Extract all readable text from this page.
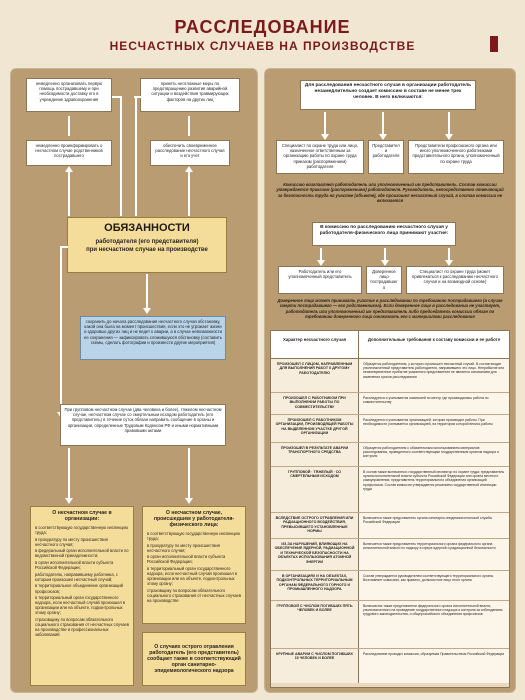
РАССЛЕДОВАНИЕ
НЕСЧАСТНЫХ СЛУЧАЕВ НА ПРОИЗВОДСТВЕ
немедленно организовать первую помощь пострадавшему и при необходимости доставку его в учреждение здравоохранения
принять неотложные меры по предотвращению развития аварийной ситуации и воздействия травмирующих факторов на других лиц
немедленно проинформировать о несчастном случае родственников пострадавшего
обеспечить своевременное расследование несчастного случая и его учет
ОБЯЗАННОСТИ
работодателя (его представителя)
при несчастном случае на производстве
сохранить до начала расследования несчастного случая обстановку, какой она была на момент происшествия, если это не угрожает жизни и здоровью других лиц и не ведет к аварии, а в случае невозможности ее сохранения — зафиксировать сложившуюся обстановку (составить схемы, сделать фотографии и произвести другие мероприятия)
При групповом несчастном случае (два человека и более), тяжелом несчастном случае, несчастном случае со смертельным исходом работодатель (его представитель) в течение суток обязан направить сообщение в органы и организации, определенные Трудовым Кодексом РФ и иными нормативными правовыми актами
О несчастном случае в организации:
в соответствующую государственную инспекцию труда;
в прокуратуру по месту происшествия несчастного случая;
в федеральный орган исполнительной власти по ведомственной принадлежности;
в орган исполнительной власти субъекта Российской Федерации;
работодателю, направившему работника, с которым произошел несчастный случай;
в территориальное объединение организаций профсоюзов;
в территориальный орган государственного надзора, если несчастный случай произошел в организации или на объекте, подконтрольных этому органу;
страховщику по вопросам обязательного социального страхования от несчастных случаев на производстве и профессиональных заболеваний
О несчастном случае, происшедшем у работодателя-физического лица:
в соответствующую государственную инспекцию труда;
в прокуратуру по месту происшествия несчастного случая;
в орган исполнительной власти субъекта Российской Федерации;
в территориальный орган государственного надзора, если несчастный случай произошел в организации или на объекте, подконтрольных этому органу;
страховщику по вопросам обязательного социального страхования от несчастных случаев на производстве
О случаях острого отравления работодатель (его представитель) сообщает также в соответствующий орган санитарно-эпидемиологического надзора
Для расследования несчастного случая в организации работодатель незамедлительно создает комиссию в составе не менее трех человек. В него включаются:
Специалист по охране труда или лицо, назначенное ответственным за организацию работы по охране труда приказом (распоряжением) работодателя
Представители работодателя
Представители профсоюзного органа или иного уполномоченного работниками представительного органа, уполномоченный по охране труда
Комиссию возглавляет работодатель или уполномоченный им представитель. Состав комиссии утверждается приказом (распоряжением) работодателя. Руководитель, непосредственно отвечающий за безопасность труда на участке (объекте), где произошел несчастный случай, в состав комиссии не включается
В комиссию по расследованию несчастного случая у работодателя-физического лица принимают участие:
Работодатель или его уполномоченный представитель
Доверенное лицо пострадавшего
Специалист по охране труда (может привлекаться к расследованию несчастного случая и на возмездной основе)
Доверенное лицо может принимать участие в расследовании по требованию пострадавшего (в случае смерти пострадавшего — его родственников). Если доверенное лицо в расследовании не участвует, работодатель или уполномоченный им представитель либо председатель комиссии обязан по требованию доверенного лица ознакомить его с материалами расследования
Характер несчастного случая	Дополнительные требования к составу комиссии и ее работе
ПРОИЗОШЕЛ С ЛИЦОМ, НАПРАВЛЕННЫМ ДЛЯ ВЫПОЛНЕНИЯ РАБОТ К ДРУГОМУ РАБОТОДАТЕЛЮ
Образуется работодателем, у которого произошел несчастный случай. В состав входит уполномоченный представитель работодателя, направившего это лицо. Неприбытие или несвоевременное прибытие указанного представителя не является основанием для изменения сроков расследования
ПРОИЗОШЕЛ С РАБОТНИКОМ ПРИ ВЫПОЛНЕНИИ РАБОТЫ ПО СОВМЕСТИТЕЛЬСТВУ
Расследуется и учитывается комиссией по месту, где производилась работа по совместительству
ПРОИЗОШЕЛ С РАБОТНИКОМ ОРГАНИЗАЦИИ, ПРОИЗВОДЯЩЕЙ РАБОТЫ НА ВЫДЕЛЕННОМ УЧАСТКЕ ДРУГОЙ ОРГАНИЗАЦИИ
Расследуется и учитывается организацией, которая производит работы. При необходимости учитывается организацией, на территории которой велись работы
ПРОИЗОШЕЛ В РЕЗУЛЬТАТЕ АВАРИИ ТРАНСПОРТНОГО СРЕДСТВА
Образуется работодателем с обязательным использованием материалов расследования, проведенного соответствующим государственным органом надзора и контроля
ГРУППОВОЙ · ТЯЖЕЛЫЙ · СО СМЕРТЕЛЬНЫМ ИСХОДОМ
В состав также включаются: государственный инспектор по охране труда; представитель органа исполнительной власти субъекта Российской Федерации или органа местного самоуправления; представитель территориального объединения организаций профсоюзов. Состав комиссии утверждается решением государственной инспекции труда
ВСЛЕДСТВИЕ ОСТРОГО ОТРАВЛЕНИЯ ИЛИ РАДИАЦИОННОГО ВОЗДЕЙСТВИЯ, ПРЕВЫСИВШЕГО УСТАНОВЛЕННЫЕ НОРМЫ
Включается также представитель органа санитарно-эпидемиологической службы Российской Федерации
ИЗ-ЗА НАРУШЕНИЙ, ВЛИЯЮЩИХ НА ОБЕСПЕЧЕНИЕ ЯДЕРНОЙ, РАДИАЦИОННОЙ И ТЕХНИЧЕСКОЙ БЕЗОПАСНОСТИ НА ОБЪЕКТАХ ИСПОЛЬЗОВАНИЯ АТОМНОЙ ЭНЕРГИИ
Включается также представитель территориального органа федерального органа исполнительной власти по надзору в сфере ядерной и радиационной безопасности
В ОРГАНИЗАЦИЯХ И НА ОБЪЕКТАХ, ПОДКОНТРОЛЬНЫХ ТЕРРИТОРИАЛЬНЫМ ОРГАНАМ ФЕДЕРАЛЬНОГО ГОРНОГО И ПРОМЫШЛЕННОГО НАДЗОРА
Состав утверждается руководителем соответствующего территориального органа. Возглавляет комиссию, как правило, должностное лицо этого органа
ГРУППОВОЙ С ЧИСЛОМ ПОГИБШИХ ПЯТЬ ЧЕЛОВЕК И БОЛЕЕ
Включаются также представители федерального органа исполнительной власти, уполномоченного на проведение государственного надзора и контроля за соблюдением трудового законодательства, и общероссийского объединения профсоюзов
КРУПНЫЕ АВАРИИ С ЧИСЛОМ ПОГИБШИХ 15 ЧЕЛОВЕК И БОЛЕЕ
Расследование проводит комиссия, образуемая Правительством Российской Федерации
